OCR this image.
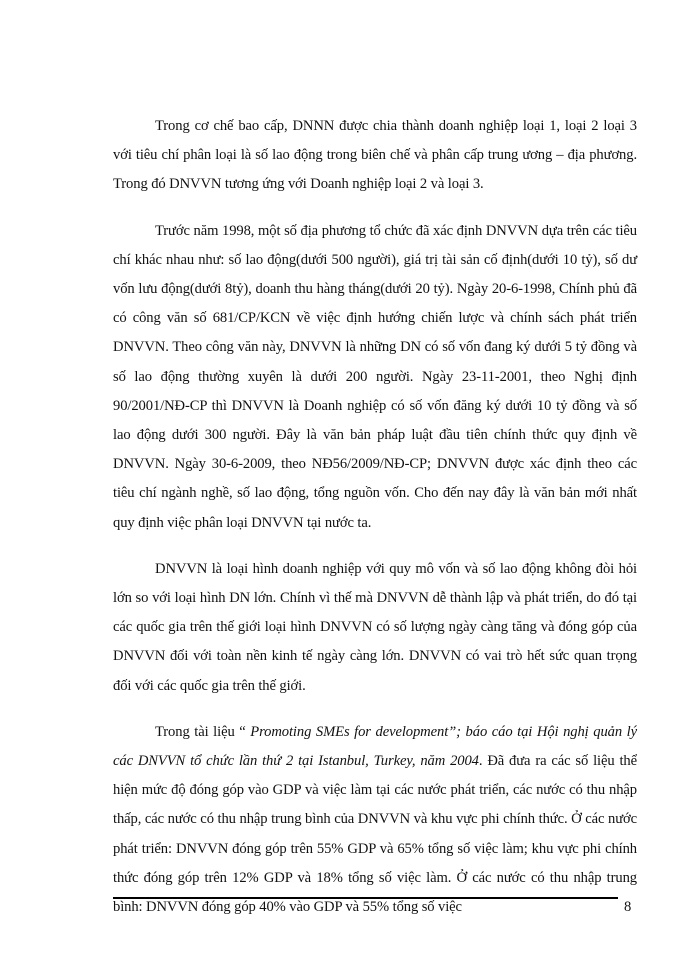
Trong cơ chế bao cấp, DNNN được chia thành doanh nghiệp loại 1, loại 2 loại 3 với tiêu chí phân loại là số lao động trong biên chế và phân cấp trung ương – địa phương. Trong đó DNVVN tương ứng với Doanh nghiệp loại 2 và loại 3.

Trước năm 1998, một số địa phương tổ chức đã xác định DNVVN dựa trên các tiêu chí khác nhau như: số lao động(dưới 500 người), giá trị tài sản cố định(dưới 10 tỷ), số dư vốn lưu động(dưới 8tỷ), doanh thu hàng tháng(dưới 20 tỷ). Ngày 20-6-1998, Chính phủ đã có công văn số 681/CP/KCN về việc định hướng chiến lược và chính sách phát triển DNVVN. Theo công văn này, DNVVN là những DN có số vốn đang ký dưới 5 tỷ đồng và số lao động thường xuyên là dưới 200 người. Ngày 23-11-2001, theo Nghị định 90/2001/NĐ-CP thì DNVVN là Doanh nghiệp có số vốn đăng ký dưới 10 tỷ đồng và số lao động dưới 300 người. Đây là văn bản pháp luật đầu tiên chính thức quy định về DNVVN. Ngày 30-6-2009, theo NĐ56/2009/NĐ-CP; DNVVN được xác định theo các tiêu chí ngành nghề, số lao động, tổng nguồn vốn. Cho đến nay đây là văn bản mới nhất quy định việc phân loại DNVVN tại nước ta.

DNVVN là loại hình doanh nghiệp với quy mô vốn và số lao động không đòi hỏi lớn so với loại hình DN lớn. Chính vì thế mà DNVVN dễ thành lập và phát triển, do đó tại các quốc gia trên thế giới loại hình DNVVN có số lượng ngày càng tăng và đóng góp của DNVVN đối với toàn nền kinh tế ngày càng lớn. DNVVN có vai trò hết sức quan trọng đối với các quốc gia trên thế giới.

Trong tài liệu “ Promoting SMEs for development”; báo cáo tại Hội nghị quản lý các DNVVN tổ chức lần thứ 2 tại Istanbul, Turkey, năm 2004. Đã đưa ra các số liệu thể hiện mức độ đóng góp vào GDP và việc làm tại các nước phát triển, các nước có thu nhập thấp, các nước có thu nhập trung bình của DNVVN và khu vực phi chính thức. Ở các nước phát triển: DNVVN đóng góp trên 55% GDP và 65% tổng số việc làm; khu vực phi chính thức đóng góp trên 12% GDP và 18% tổng số việc làm. Ở các nước có thu nhập trung bình: DNVVN đóng góp 40% vào GDP và 55% tổng số việc	8
